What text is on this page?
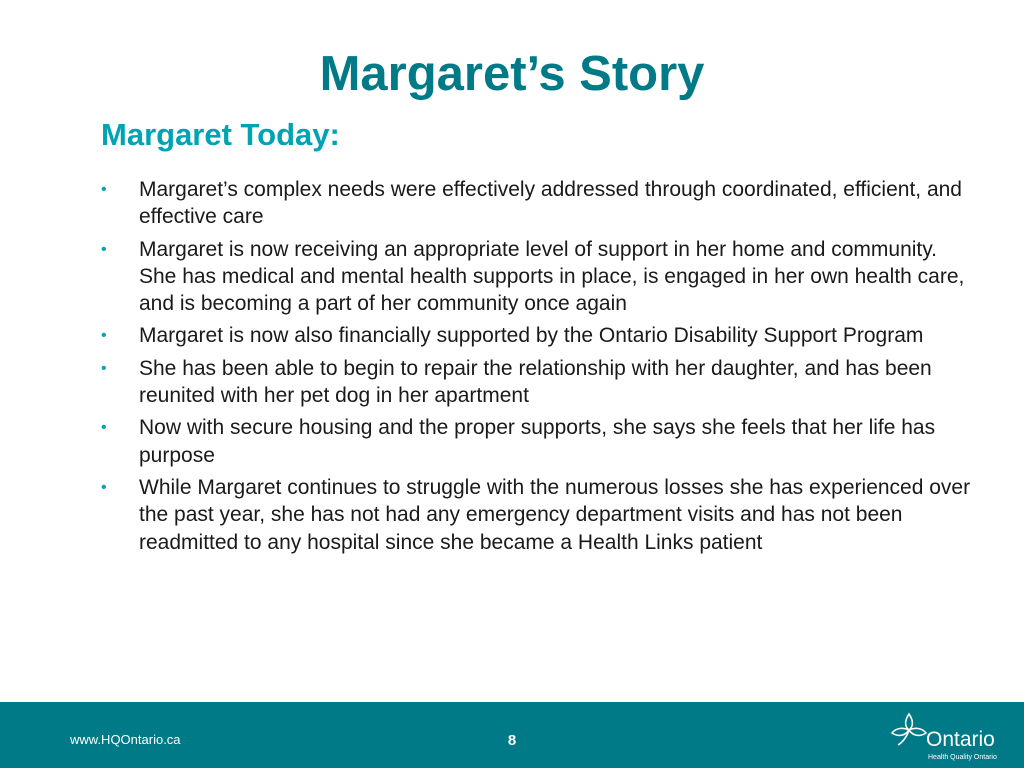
Margaret’s Story
Margaret Today:
• Margaret’s complex needs were effectively addressed through coordinated, efficient, and effective care
• Margaret is now receiving an appropriate level of support in her home and community. She has medical and mental health supports in place, is engaged in her own health care, and is becoming a part of her community once again
• Margaret is now also financially supported by the Ontario Disability Support Program
• She has been able to begin to repair the relationship with her daughter, and has been reunited with her pet dog in her apartment
• Now with secure housing and the proper supports, she says she feels that her life has purpose
• While Margaret continues to struggle with the numerous losses she has experienced over the past year, she has not had any emergency department visits and has not been readmitted to any hospital since she became a Health Links patient
www.HQOntario.ca	8	Ontario
Health Quality Ontario
